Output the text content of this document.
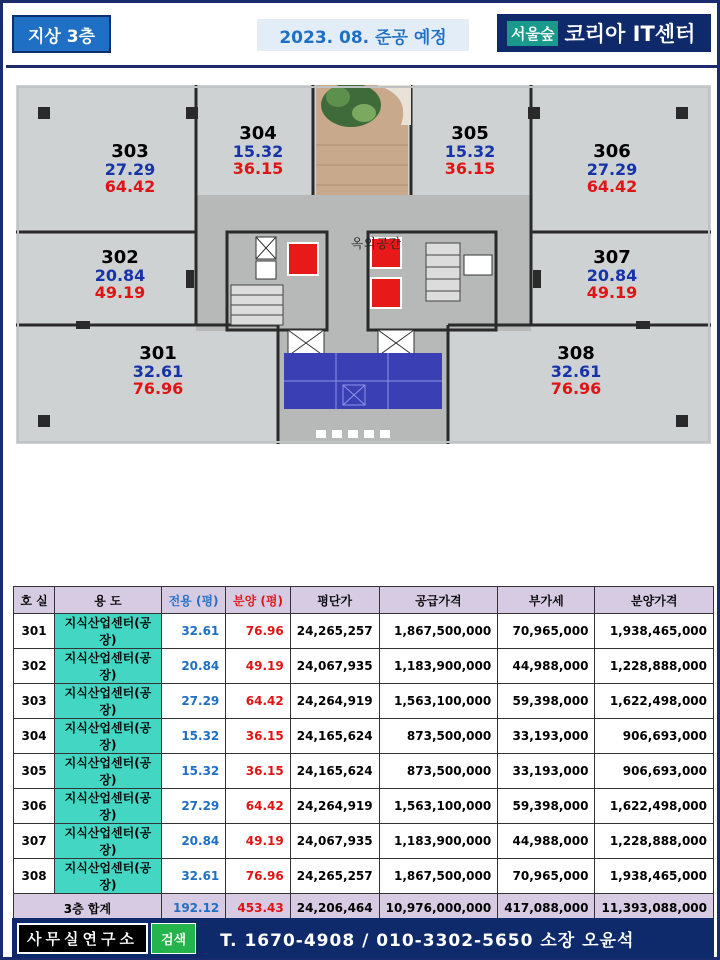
지상 3층	2023. 08. 준공 예정	서울숲 코리아 IT센터
옥외공간
303
27.29
64.42
304
15.32
36.15
305
15.32
36.15
306
27.29
64.42
302
20.84
49.19
307
20.84
49.19
301
32.61
76.96
308
32.61
76.96
호 실	용 도	전용 (평)	분양 (평)	평단가	공급가격	부가세	분양가격
301	지식산업센터(공장)	32.61	76.96	24,265,257	1,867,500,000	70,965,000	1,938,465,000
302	지식산업센터(공장)	20.84	49.19	24,067,935	1,183,900,000	44,988,000	1,228,888,000
303	지식산업센터(공장)	27.29	64.42	24,264,919	1,563,100,000	59,398,000	1,622,498,000
304	지식산업센터(공장)	15.32	36.15	24,165,624	873,500,000	33,193,000	906,693,000
305	지식산업센터(공장)	15.32	36.15	24,165,624	873,500,000	33,193,000	906,693,000
306	지식산업센터(공장)	27.29	64.42	24,264,919	1,563,100,000	59,398,000	1,622,498,000
307	지식산업센터(공장)	20.84	49.19	24,067,935	1,183,900,000	44,988,000	1,228,888,000
308	지식산업센터(공장)	32.61	76.96	24,265,257	1,867,500,000	70,965,000	1,938,465,000
3층 합계		192.12	453.43	24,206,464	10,976,000,000	417,088,000	11,393,088,000
사무실연구소	검색	T. 1670-4908 / 010-3302-5650 소장 오윤석
